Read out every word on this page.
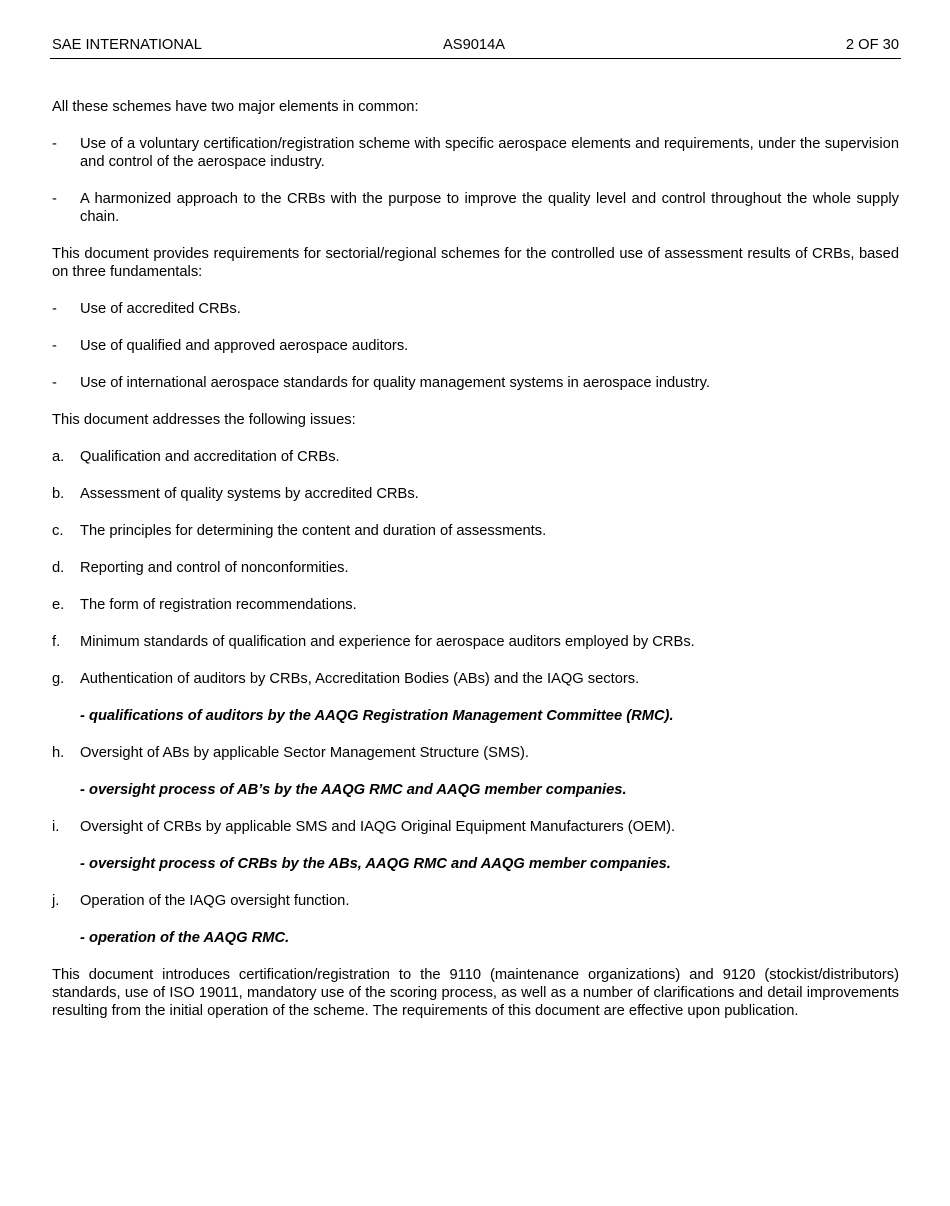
SAE INTERNATIONAL	AS9014A	2 OF 30

All these schemes have two major elements in common:

-	Use of a voluntary certification/registration scheme with specific aerospace elements and requirements, under the supervision and control of the aerospace industry.
-	A harmonized approach to the CRBs with the purpose to improve the quality level and control throughout the whole supply chain.

This document provides requirements for sectorial/regional schemes for the controlled use of assessment results of CRBs, based on three fundamentals:

-	Use of accredited CRBs.
-	Use of qualified and approved aerospace auditors.
-	Use of international aerospace standards for quality management systems in aerospace industry.

This document addresses the following issues:

a.	Qualification and accreditation of CRBs.
b.	Assessment of quality systems by accredited CRBs.
c.	The principles for determining the content and duration of assessments.
d.	Reporting and control of nonconformities.
e.	The form of registration recommendations.
f.	Minimum standards of qualification and experience for aerospace auditors employed by CRBs.
g.	Authentication of auditors by CRBs, Accreditation Bodies (ABs) and the IAQG sectors.

- qualifications of auditors by the AAQG Registration Management Committee (RMC).

h.	Oversight of ABs by applicable Sector Management Structure (SMS).

- oversight process of AB’s by the AAQG RMC and AAQG member companies.

i.	Oversight of CRBs by applicable SMS and IAQG Original Equipment Manufacturers (OEM).

- oversight process of CRBs by the ABs, AAQG RMC and AAQG member companies.

j.	Operation of the IAQG oversight function.

- operation of the AAQG RMC.

This document introduces certification/registration to the 9110 (maintenance organizations) and 9120 (stockist/distributors) standards, use of ISO 19011, mandatory use of the scoring process, as well as a number of clarifications and detail improvements resulting from the initial operation of the scheme. The requirements of this document are effective upon publication.
